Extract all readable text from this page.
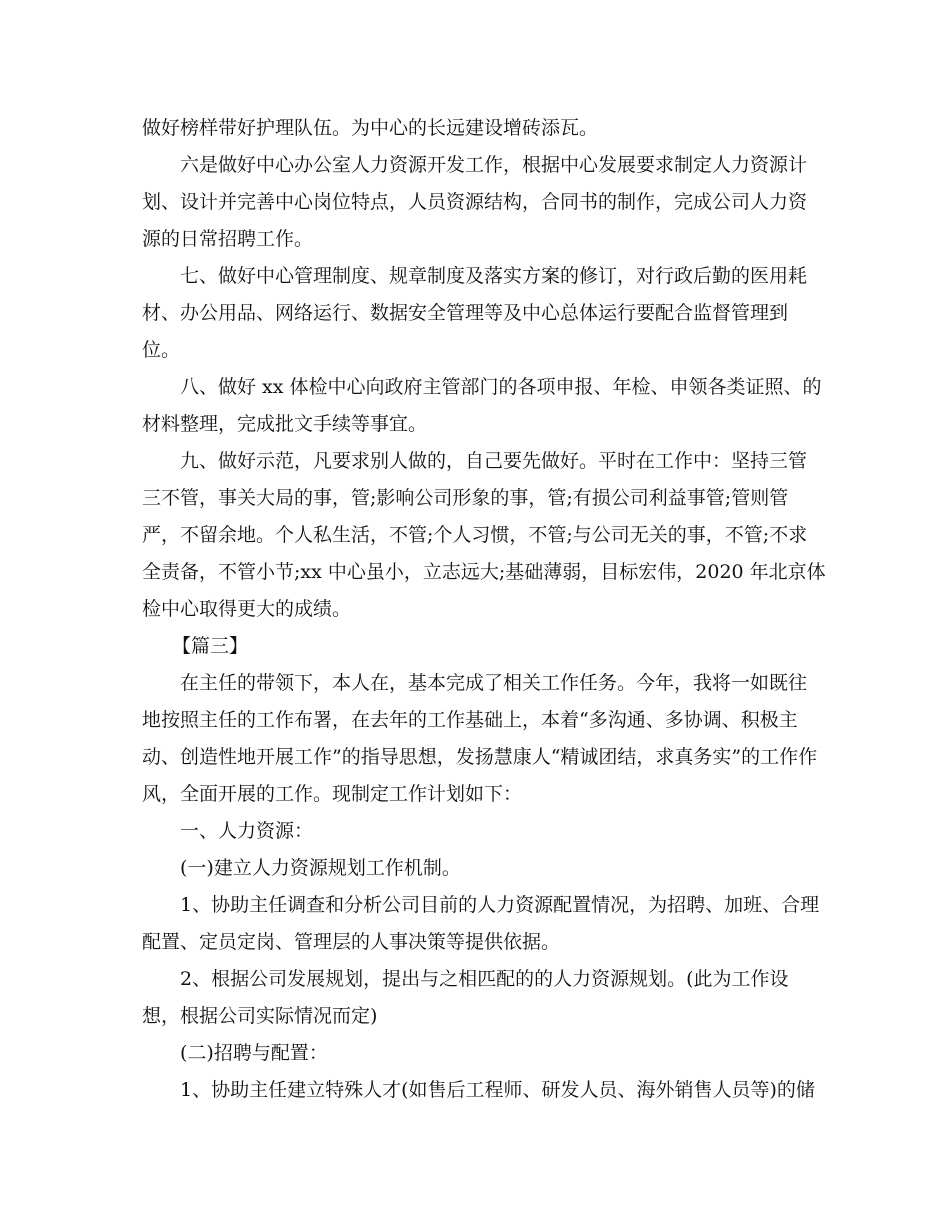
做好榜样带好护理队伍。为中心的长远建设增砖添瓦。

六是做好中心办公室人力资源开发工作，根据中心发展要求制定人力资源计

划、设计并完善中心岗位特点，人员资源结构，合同书的制作，完成公司人力资

源的日常招聘工作。

七、做好中心管理制度、规章制度及落实方案的修订，对行政后勤的医用耗

材、办公用品、网络运行、数据安全管理等及中心总体运行要配合监督管理到

位。

八、做好 xx 体检中心向政府主管部门的各项申报、年检、申领各类证照、的

材料整理，完成批文手续等事宜。

九、做好示范，凡要求别人做的，自己要先做好。平时在工作中：坚持三管

三不管，事关大局的事，管;影响公司形象的事，管;有损公司利益事管;管则管

严，不留余地。个人私生活，不管;个人习惯，不管;与公司无关的事，不管;不求

全责备，不管小节;xx 中心虽小，立志远大;基础薄弱，目标宏伟，2020 年北京体

检中心取得更大的成绩。

【篇三】

在主任的带领下，本人在，基本完成了相关工作任务。今年，我将一如既往

地按照主任的工作布署，在去年的工作基础上，本着“多沟通、多协调、积极主

动、创造性地开展工作”的指导思想，发扬慧康人“精诚团结，求真务实”的工作作

风，全面开展的工作。现制定工作计划如下：

一、人力资源：

(一)建立人力资源规划工作机制。

1、协助主任调查和分析公司目前的人力资源配置情况，为招聘、加班、合理

配置、定员定岗、管理层的人事决策等提供依据。

2、根据公司发展规划，提出与之相匹配的的人力资源规划。(此为工作设

想，根据公司实际情况而定)

(二)招聘与配置：

1、协助主任建立特殊人才(如售后工程师、研发人员、海外销售人员等)的储
